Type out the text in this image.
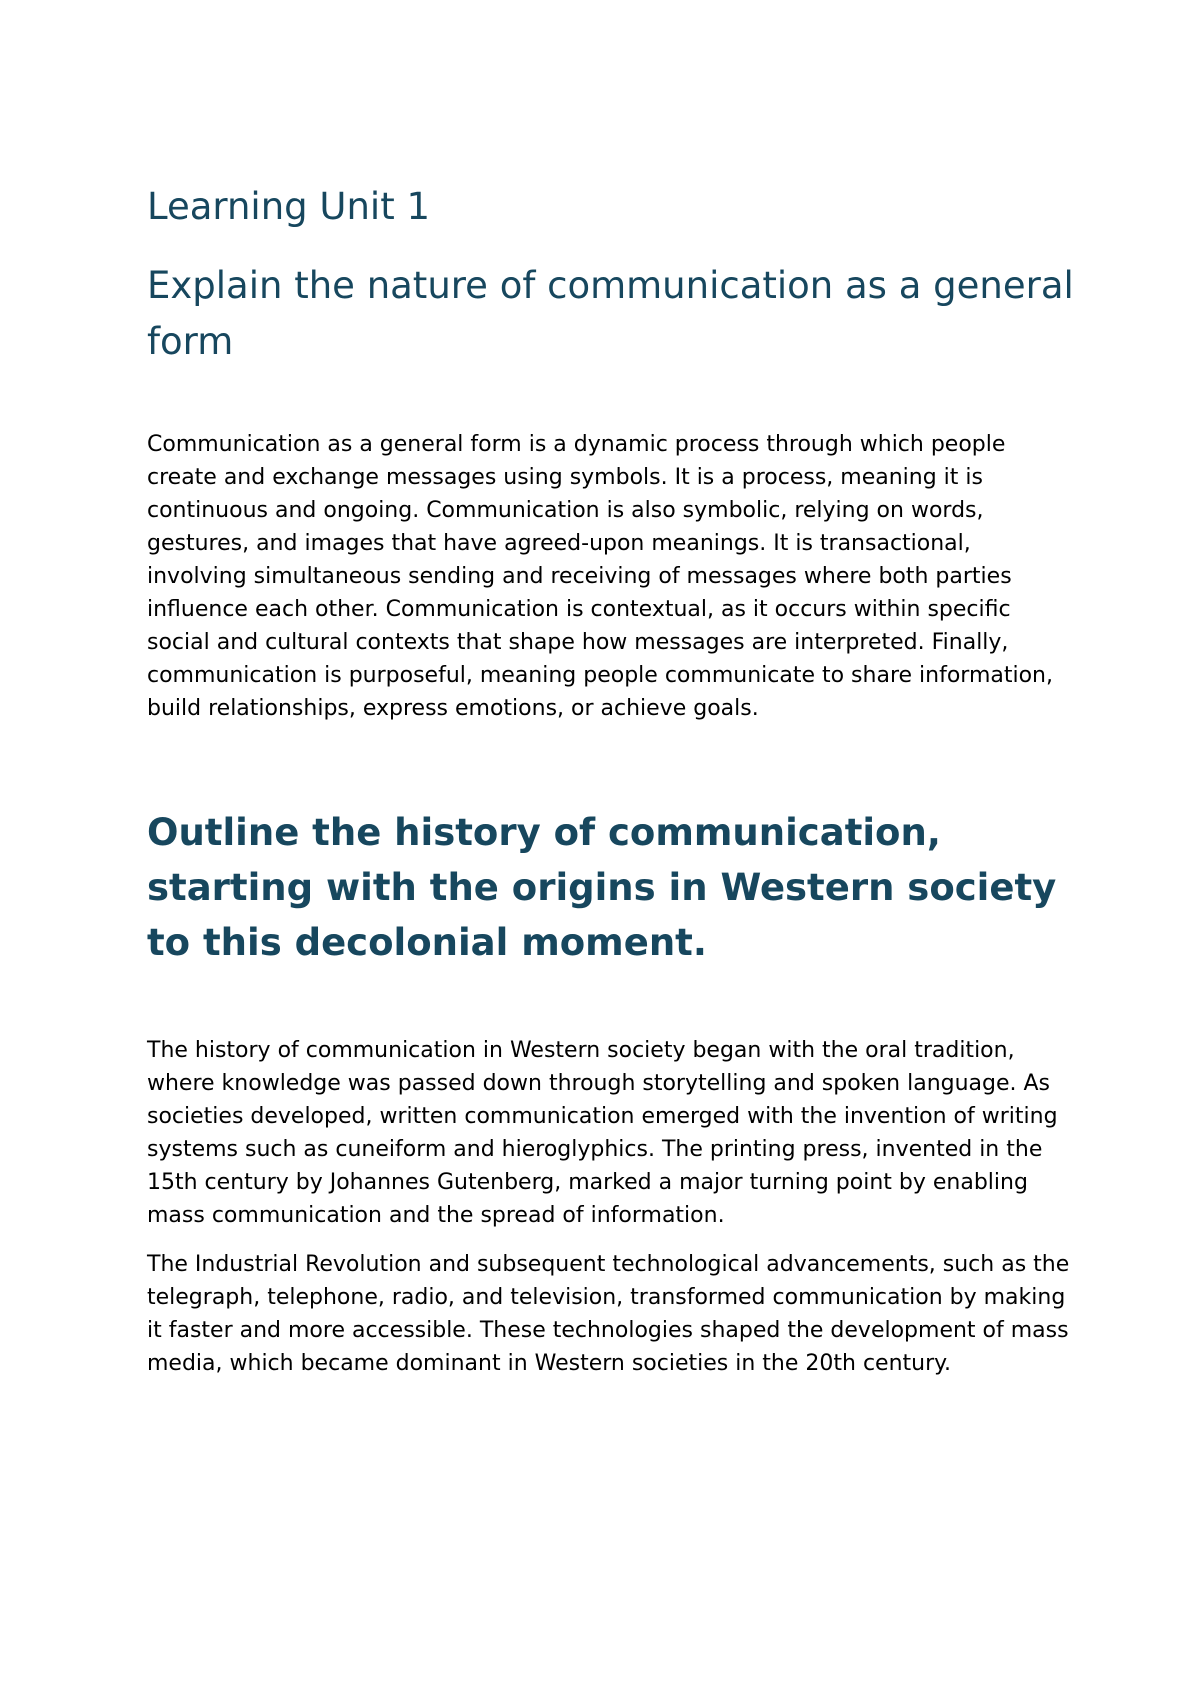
Learning Unit 1
Explain the nature of communication as a general form

Communication as a general form is a dynamic process through which people create and exchange messages using symbols. It is a process, meaning it is continuous and ongoing. Communication is also symbolic, relying on words, gestures, and images that have agreed-upon meanings. It is transactional, involving simultaneous sending and receiving of messages where both parties influence each other. Communication is contextual, as it occurs within specific social and cultural contexts that shape how messages are interpreted. Finally, communication is purposeful, meaning people communicate to share information, build relationships, express emotions, or achieve goals.

Outline the history of communication, starting with the origins in Western society to this decolonial moment.

The history of communication in Western society began with the oral tradition, where knowledge was passed down through storytelling and spoken language. As societies developed, written communication emerged with the invention of writing systems such as cuneiform and hieroglyphics. The printing press, invented in the 15th century by Johannes Gutenberg, marked a major turning point by enabling mass communication and the spread of information.

The Industrial Revolution and subsequent technological advancements, such as the telegraph, telephone, radio, and television, transformed communication by making it faster and more accessible. These technologies shaped the development of mass media, which became dominant in Western societies in the 20th century.
